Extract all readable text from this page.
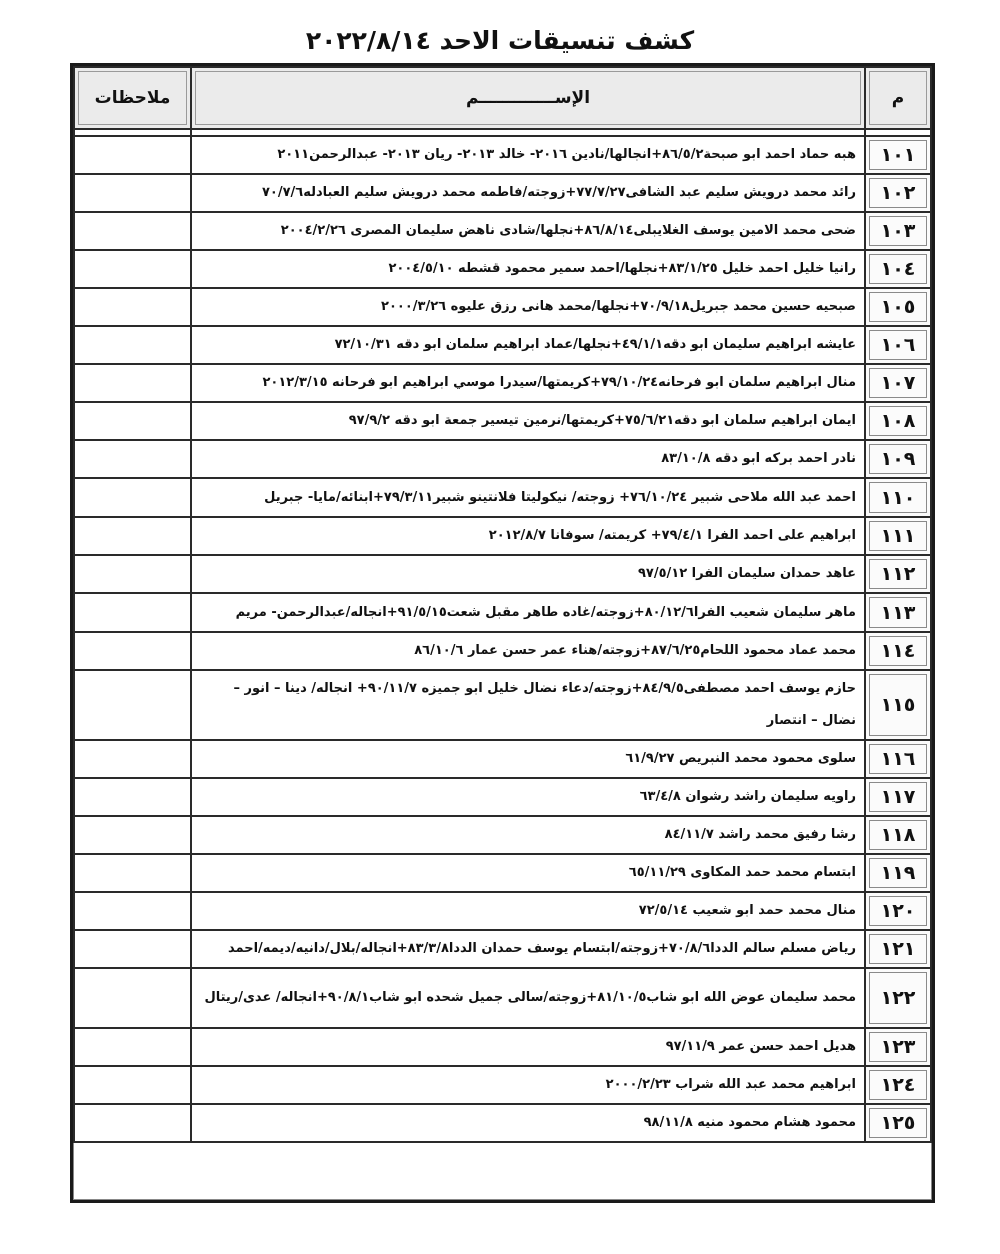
كشف تنسيقات الاحد ٢٠٢٢/٨/١٤
م	الإســـــــــــــم	ملاحظات

١٠١	هبه حماد احمد ابو صبحة٨٦/٥/٢+انجالها/نادين ٢٠١٦- خالد ٢٠١٣- ريان ٢٠١٣- عبدالرحمن٢٠١١	
١٠٢	رائد محمد درويش سليم عبد الشافى٧٧/٧/٢٧+زوجته/فاطمه محمد درويش سليم العبادله٧٠/٧/٦	
١٠٣	ضحى محمد الامين يوسف الغلايبلى٨٦/٨/١٤+نجلها/شادى ناهض سليمان المصرى ٢٠٠٤/٢/٢٦	
١٠٤	رانيا خليل احمد خليل ٨٣/١/٢٥+نجلها/احمد سمير محمود قشطه ٢٠٠٤/٥/١٠	
١٠٥	صبحيه حسين محمد جبريل٧٠/٩/١٨+نجلها/محمد هانى رزق عليوه ٢٠٠٠/٣/٢٦	
١٠٦	عايشه ابراهيم سليمان ابو دقه٤٩/١/١+نجلها/عماد ابراهيم سلمان ابو دقه ٧٢/١٠/٣١	
١٠٧	منال ابراهيم سلمان ابو فرحانه٧٩/١٠/٢٤+كريمتها/سيدرا موسي ابراهيم ابو فرحانه ٢٠١٢/٣/١٥	
١٠٨	ايمان ابراهيم سلمان ابو دقه٧٥/٦/٢١+كريمتها/نرمين تيسير جمعة ابو دقه ٩٧/٩/٢	
١٠٩	نادر احمد بركه ابو دقه ٨٣/١٠/٨	
١١٠	احمد عبد الله ملاحى شبير ٧٦/١٠/٢٤+ زوجته/ نيكوليتا فلانتينو شبير٧٩/٣/١١+ابنائه/مايا- جبريل	
١١١	ابراهيم على احمد الفرا ٧٩/٤/١+ كريمته/ سوفانا ٢٠١٢/٨/٧	
١١٢	عاهد حمدان سليمان الفرا ٩٧/٥/١٢	
١١٣	ماهر سليمان شعيب الفرا٨٠/١٢/٦+زوجته/غاده طاهر مقبل شعت٩١/٥/١٥+انجاله/عبدالرحمن- مريم	
١١٤	محمد عماد محمود اللحام٨٧/٦/٢٥+زوجته/هناء عمر حسن عمار ٨٦/١٠/٦	
١١٥	حازم يوسف احمد مصطفى٨٤/٩/٥+زوجته/دعاء نضال خليل ابو جميزه ٩٠/١١/٧+ انجاله/ دينا – انور – نضال – انتصار	
١١٦	سلوى محمود محمد النبريص ٦١/٩/٢٧	
١١٧	راويه سليمان راشد رشوان ٦٣/٤/٨	
١١٨	رشا رفيق محمد راشد ٨٤/١١/٧	
١١٩	ابتسام محمد حمد المكاوى ٦٥/١١/٢٩	
١٢٠	منال محمد حمد ابو شعيب ٧٢/٥/١٤	
١٢١	رياض مسلم سالم الددا٧٠/٨/٦+زوجته/ابتسام يوسف حمدان الددا٨٣/٣/٨+انجاله/بلال/دانيه/ديمه/احمد	
١٢٢	محمد سليمان عوض الله ابو شاب٨١/١٠/٥+زوجته/سالى جميل شحده ابو شاب٩٠/٨/١+انجاله/ عدى/ريتال	
١٢٣	هديل احمد حسن عمر ٩٧/١١/٩	
١٢٤	ابراهيم محمد عبد الله شراب ٢٠٠٠/٢/٢٣	
١٢٥	محمود هشام محمود منيه ٩٨/١١/٨	
